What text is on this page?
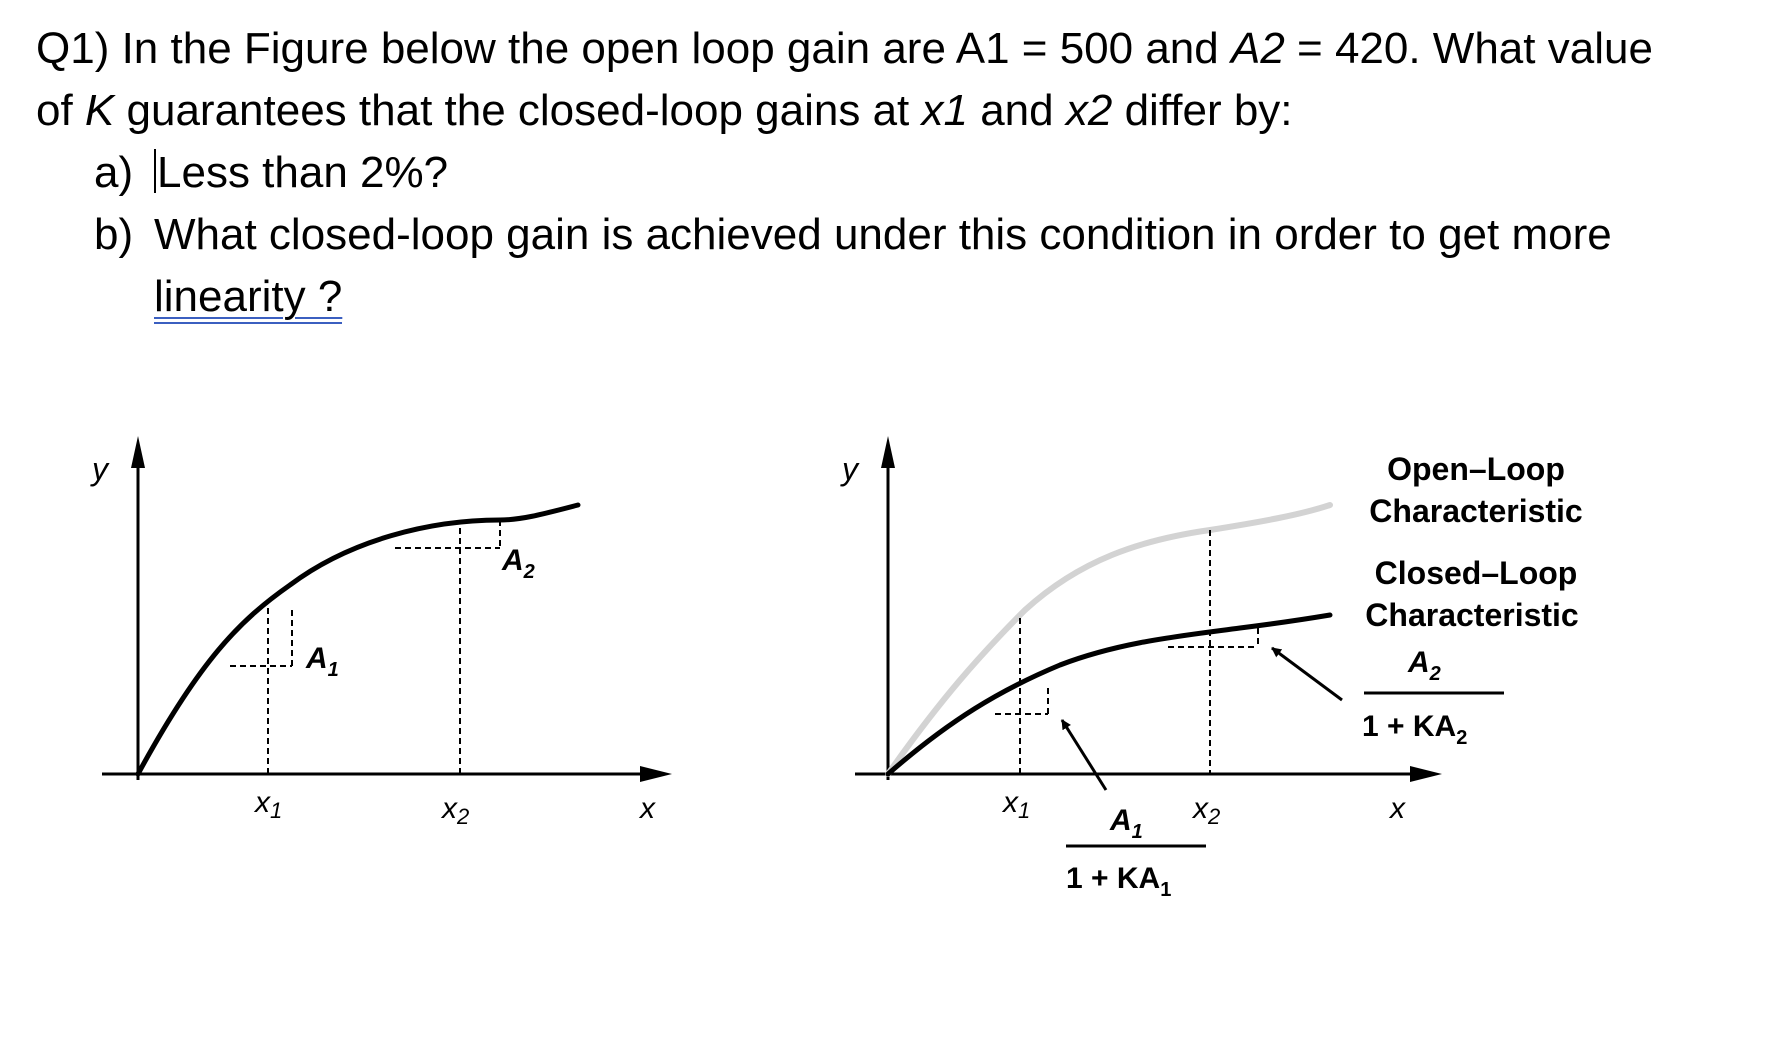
Q1) In the Figure below the open loop gain are A1 = 500 and A2 = 420. What value

of K guarantees that the closed-loop gains at x1 and x2 differ by:

a) Less than 2%?
b) What closed-loop gain is achieved under this condition in order to get more
linearity ?
y
x
$x_1$	$x_2$
$A_1$
$A_2$
y
x
$x_1$	$x_2$
Open–Loop
Characteristic
Closed–Loop
Characteristic
$A_2$
$1 + KA_2$
$A_1$
$1 + KA_1$
